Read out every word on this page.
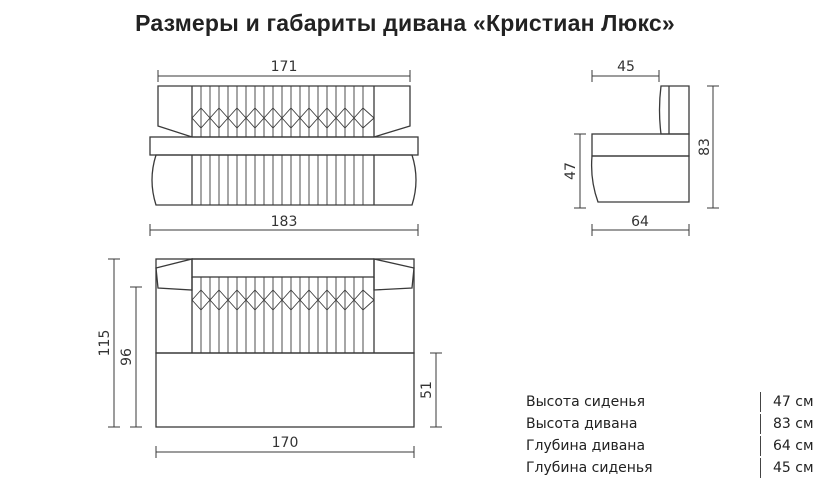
Размеры и габариты дивана «Кристиан Люкс»
171
183
45
64
47
83
115
96
170
51
Высота сиденья	47 см
Высота дивана	83 см
Глубина дивана	64 см
Глубина сиденья	45 см
